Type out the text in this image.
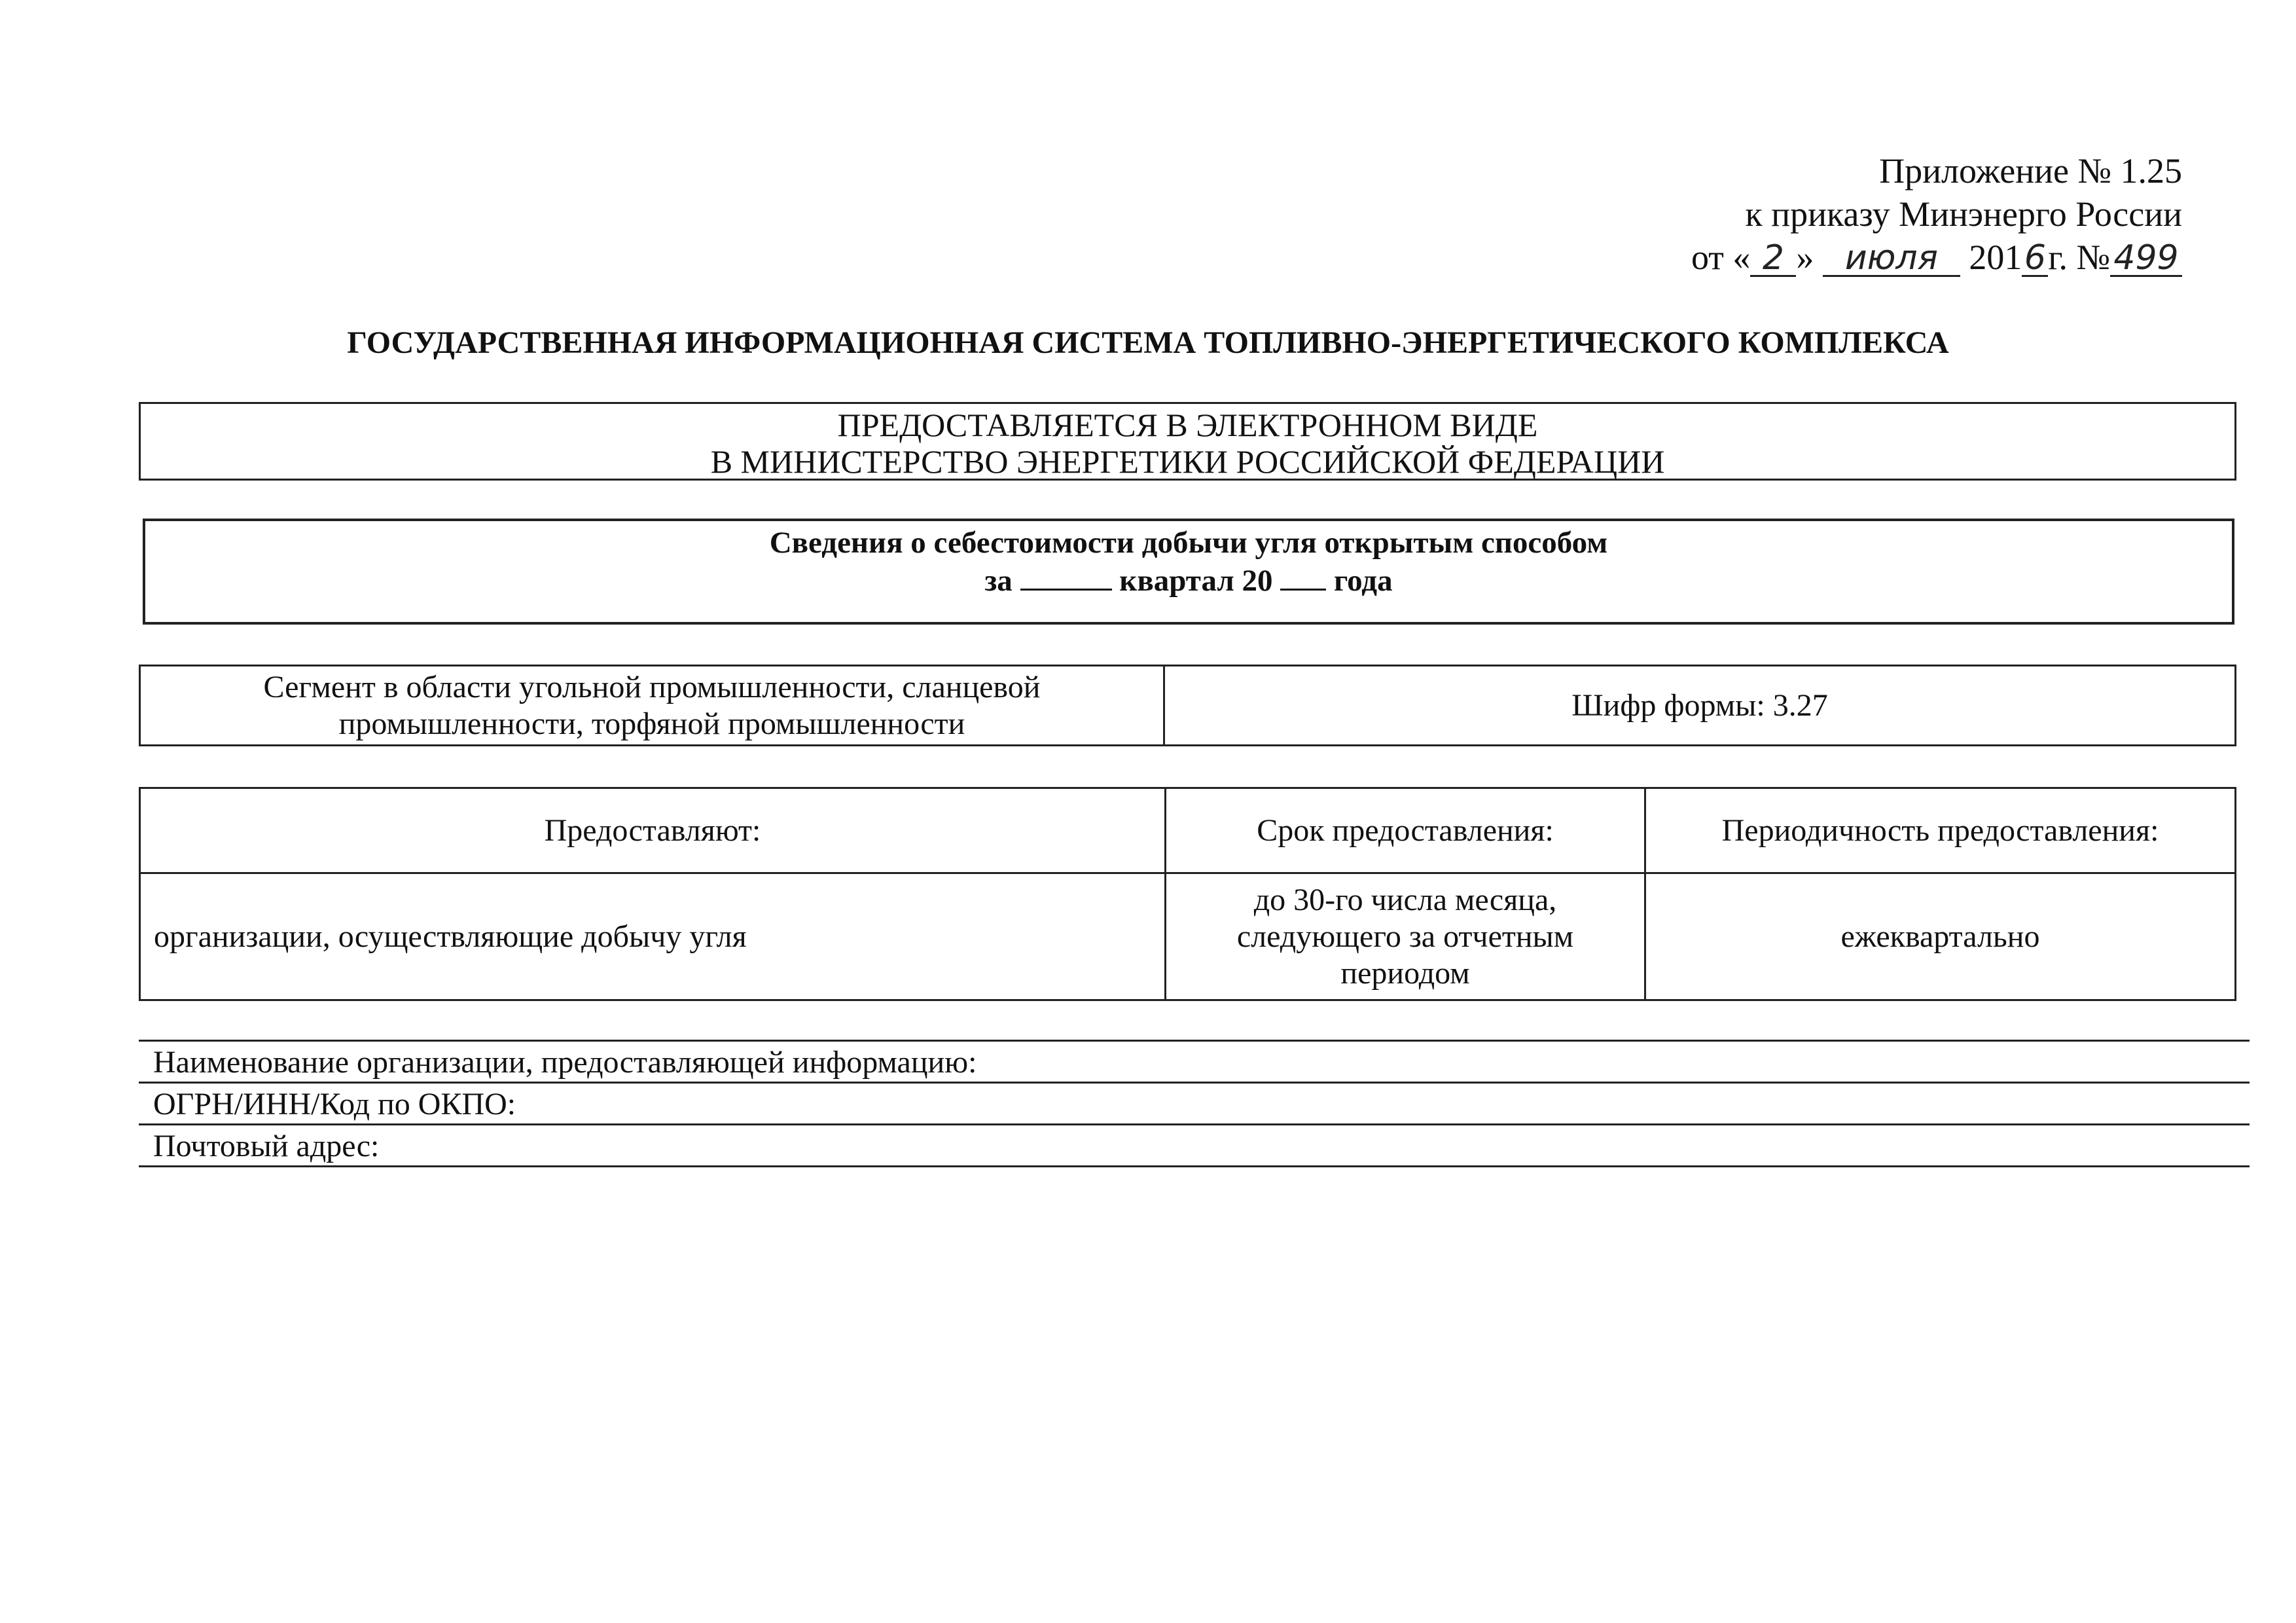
Приложение № 1.25
к приказу Минэнерго России
от « 2 » июля 2016г. № 499
ГОСУДАРСТВЕННАЯ ИНФОРМАЦИОННАЯ СИСТЕМА ТОПЛИВНО-ЭНЕРГЕТИЧЕСКОГО КОМПЛЕКСА
ПРЕДОСТАВЛЯЕТСЯ В ЭЛЕКТРОННОМ ВИДЕ
В МИНИСТЕРСТВО ЭНЕРГЕТИКИ РОССИЙСКОЙ ФЕДЕРАЦИИ
Сведения о себестоимости добычи угля открытым способом
за	квартал 20 года
Сегмент в области угольной промышленности, сланцевой промышленности, торфяной промышленности	Шифр формы: 3.27
Предоставляют:	Срок предоставления:	Периодичность предоставления:
организации, осуществляющие добычу угля	до 30-го числа месяца, следующего за отчетным периодом	ежеквартально
Наименование организации, предоставляющей информацию:
ОГРН/ИНН/Код по ОКПО:
Почтовый адрес:
